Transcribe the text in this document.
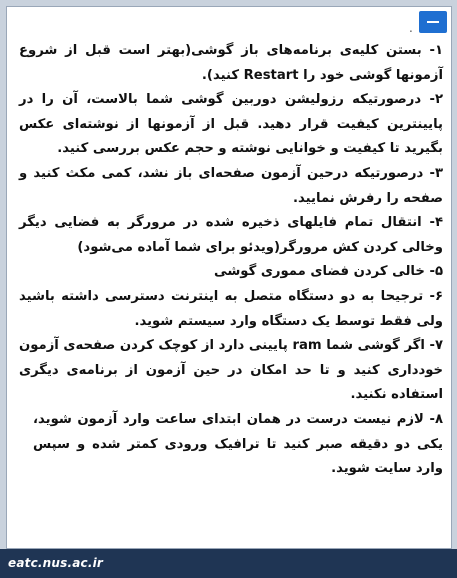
.
۱- بستن کلیه‌ی برنامه‌های باز گوشی(بهتر است قبل از شروع آزمونها گوشی خود را Restart کنید).
۲- درصورتیکه رزولیشن دوربین گوشی شما بالاست، آن را در پایینترین کیفیت قرار دهید. قبل از آزمونها از نوشته‌ای عکس بگیرید تا کیفیت و خوانایی نوشته و حجم عکس بررسی کنید.
۳- درصورتیکه درحین آزمون صفحه‌ای باز نشد، کمی مکث کنید و صفحه را رفرش نمایید.
۴- انتقال تمام فایلهای ذخیره شده در مرورگر به فضایی دیگر وخالی کردن کش مرورگر(ویدئو برای شما آماده می‌شود)
۵- خالی کردن فضای مموری گوشی
۶- ترجیحا به دو دستگاه متصل به اینترنت دسترسی داشته باشید ولی فقط توسط یک دستگاه وارد سیستم شوید.
۷- اگر گوشی شما ram پایینی دارد از کوچک کردن صفحه‌ی آزمون خودداری کنید و تا حد امکان در حین آزمون از برنامه‌ی دیگری استفاده نکنید.
۸- لازم نیست درست در همان ابتدای ساعت وارد آزمون شوید، یکی دو دقیقه صبر کنید تا ترافیک ورودی کمتر شده و سپس وارد سایت شوید.
eatc.nus.ac.ir
